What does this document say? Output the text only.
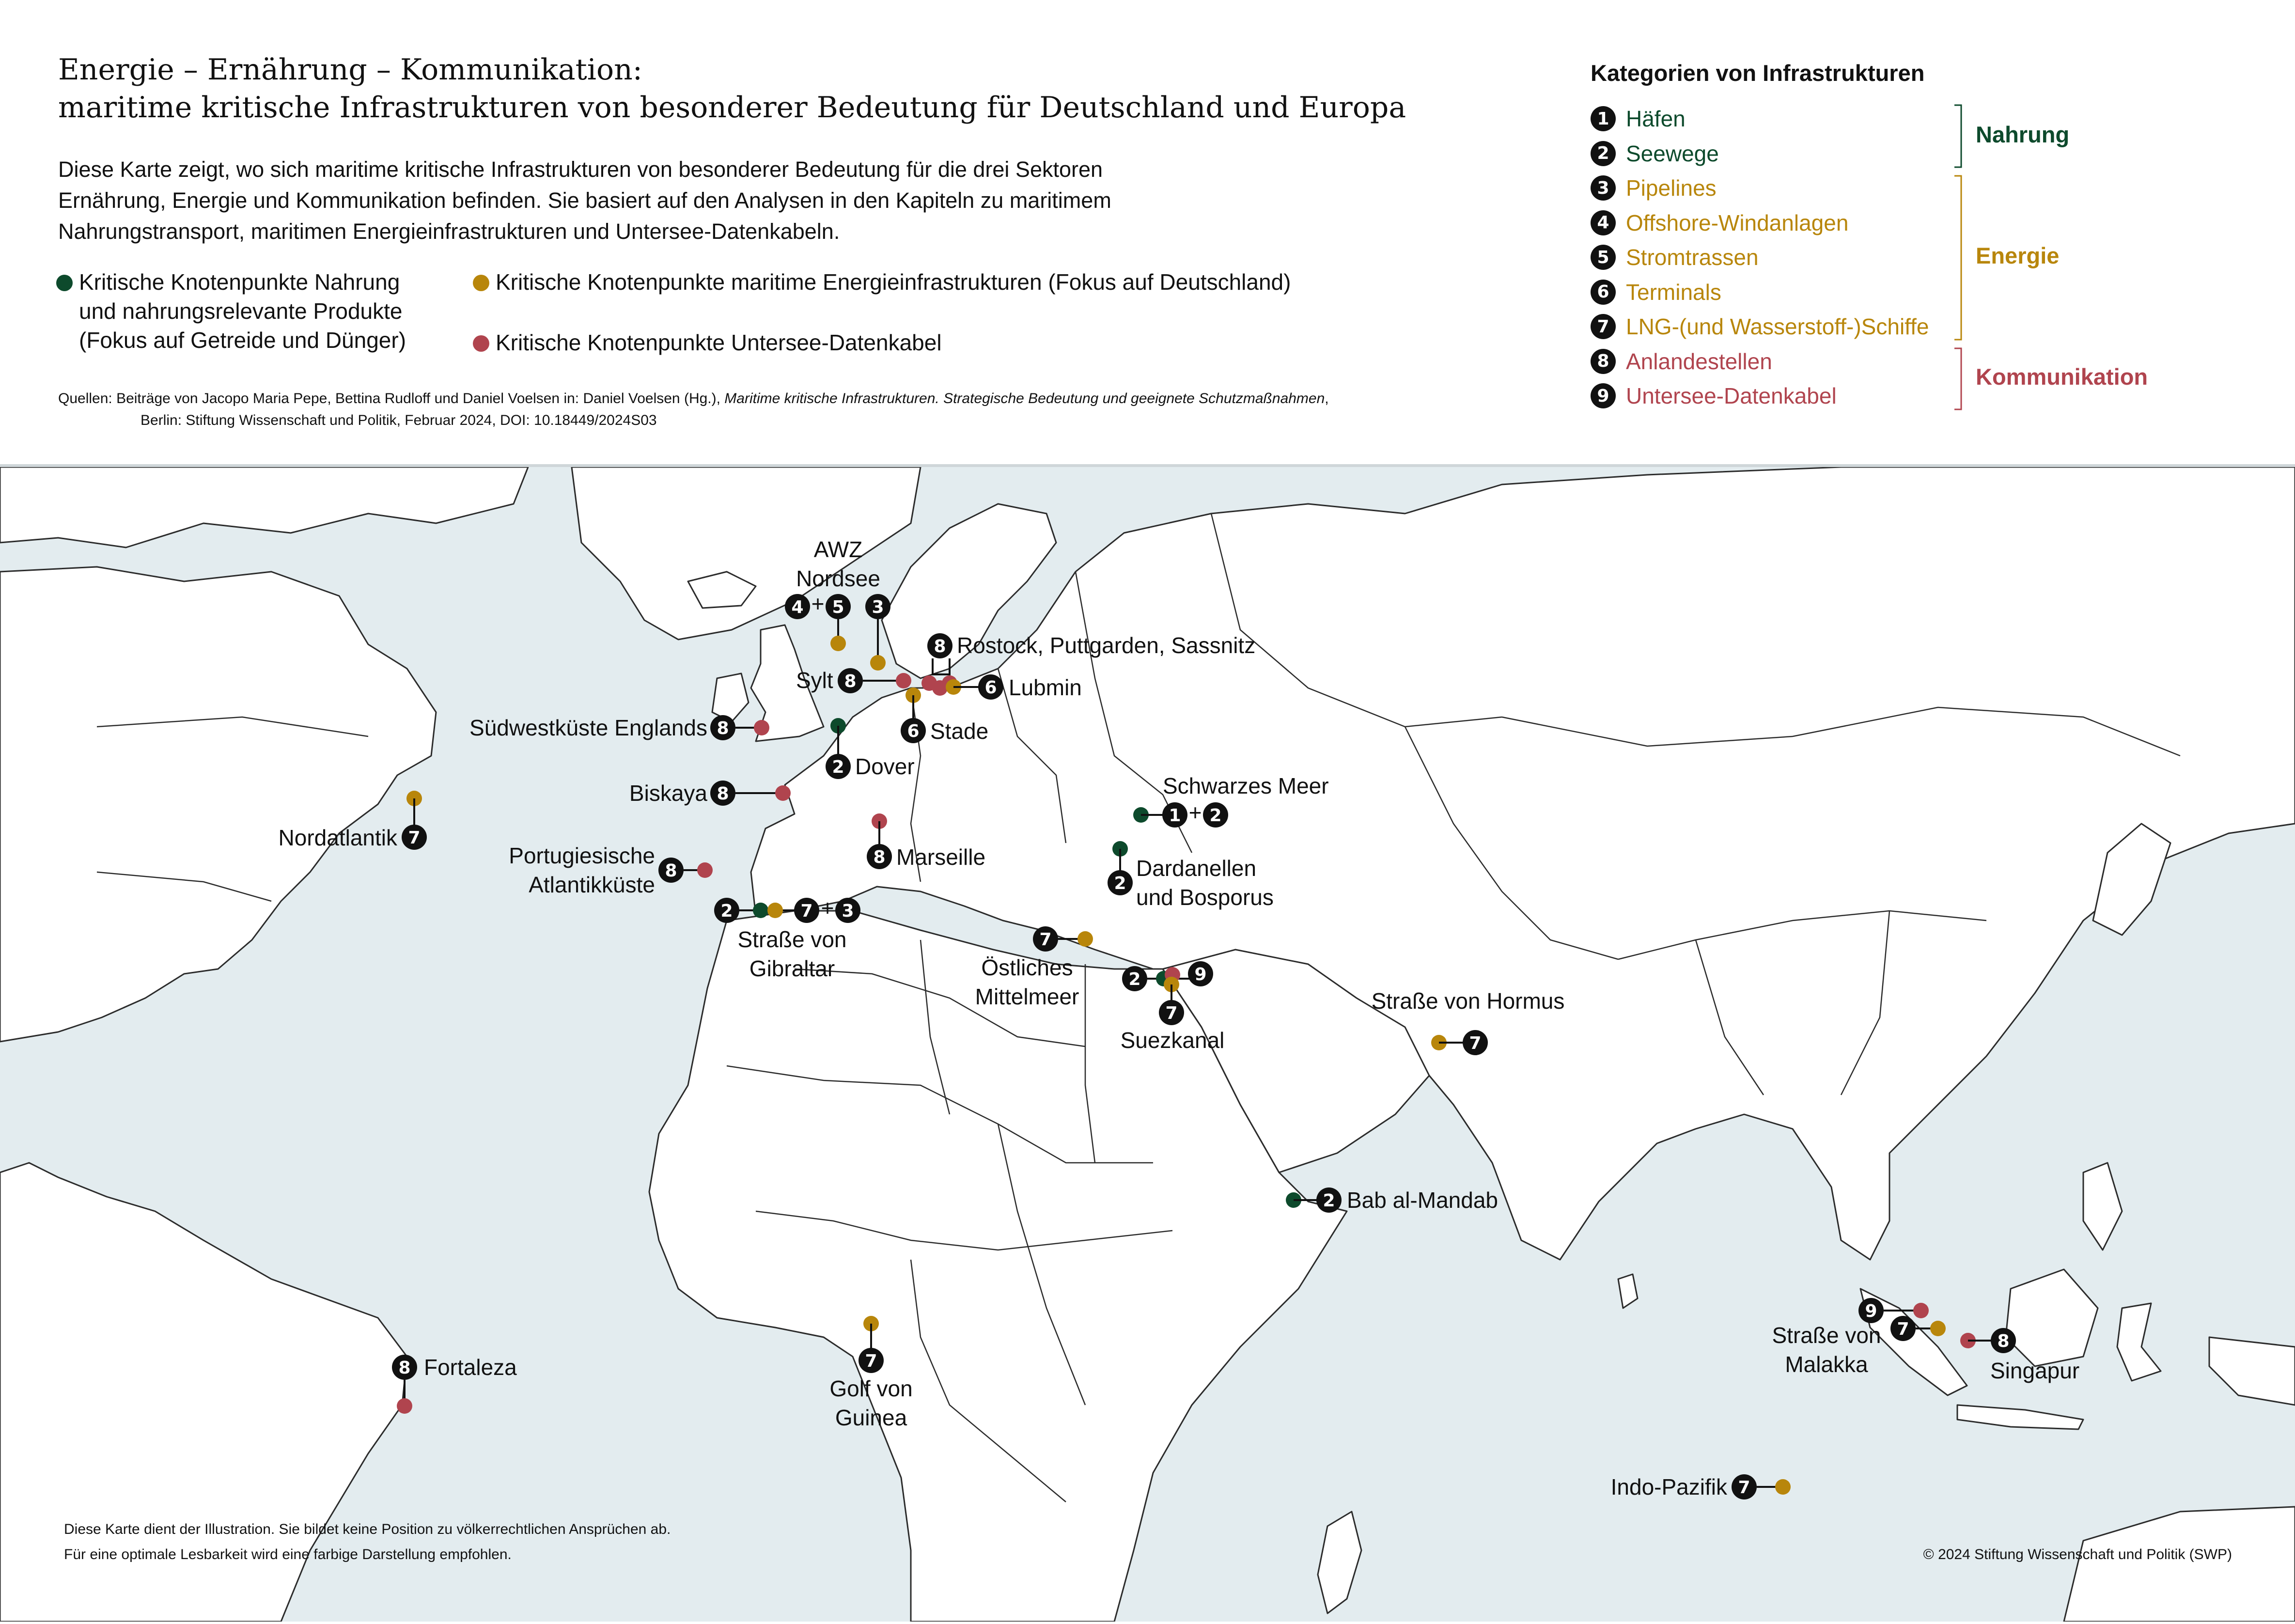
Energie – Ernährung – Kommunikation:
maritime kritische Infrastrukturen von besonderer Bedeutung für Deutschland und Europa
Diese Karte zeigt, wo sich maritime kritische Infrastrukturen von besonderer Bedeutung für die drei Sektoren
Ernährung, Energie und Kommunikation befinden. Sie basiert auf den Analysen in den Kapiteln zu maritimem
Nahrungstransport, maritimen Energieinfrastrukturen und Untersee-Datenkabeln.
Kritische Knotenpunkte Nahrung
und nahrungsrelevante Produkte
(Fokus auf Getreide und Dünger)
Kritische Knotenpunkte maritime Energieinfrastrukturen (Fokus auf Deutschland)
Kritische Knotenpunkte Untersee-Datenkabel
Quellen: Beiträge von Jacopo Maria Pepe, Bettina Rudloff und Daniel Voelsen in: Daniel Voelsen (Hg.), Maritime kritische Infrastrukturen. Strategische Bedeutung und geeignete Schutzmaßnahmen,
Berlin: Stiftung Wissenschaft und Politik, Februar 2024, DOI: 10.18449/2024S03
Kategorien von Infrastrukturen
1 Häfen
2 Seewege
3 Pipelines
4 Offshore-Windanlagen
5 Stromtrassen
6 Terminals
7 LNG-(und Wasserstoff-)Schiffe
8 Anlandestellen
9 Untersee-Datenkabel
Nahrung
Energie
Kommunikation
AWZ
Nordsee
4 + 5 3
8 Rostock, Puttgarden, Sassnitz
Sylt 8	6 Lubmin
6 Stade
Südwestküste Englands 8
2 Dover
Biskaya 8
7
Nordatlantik
Portugiesische
Atlantikküste
8
8 Marseille
2	7 + 3
Straße von
Gibraltar
Schwarzes Meer
1 + 2
2
Dardanellen
und Bosporus
7
Östliches
Mittelmeer
2	9
7
Suezkanal
Straße von Hormus
7
2 Bab al-Mandab
9
7
Straße von
Malakka
8
Singapur
8 Fortaleza	7
Golf von
Guinea
Indo-Pazifik 7
Diese Karte dient der Illustration. Sie bildet keine Position zu völkerrechtlichen Ansprüchen ab.
Für eine optimale Lesbarkeit wird eine farbige Darstellung empfohlen.	© 2024 Stiftung Wissenschaft und Politik (SWP)
